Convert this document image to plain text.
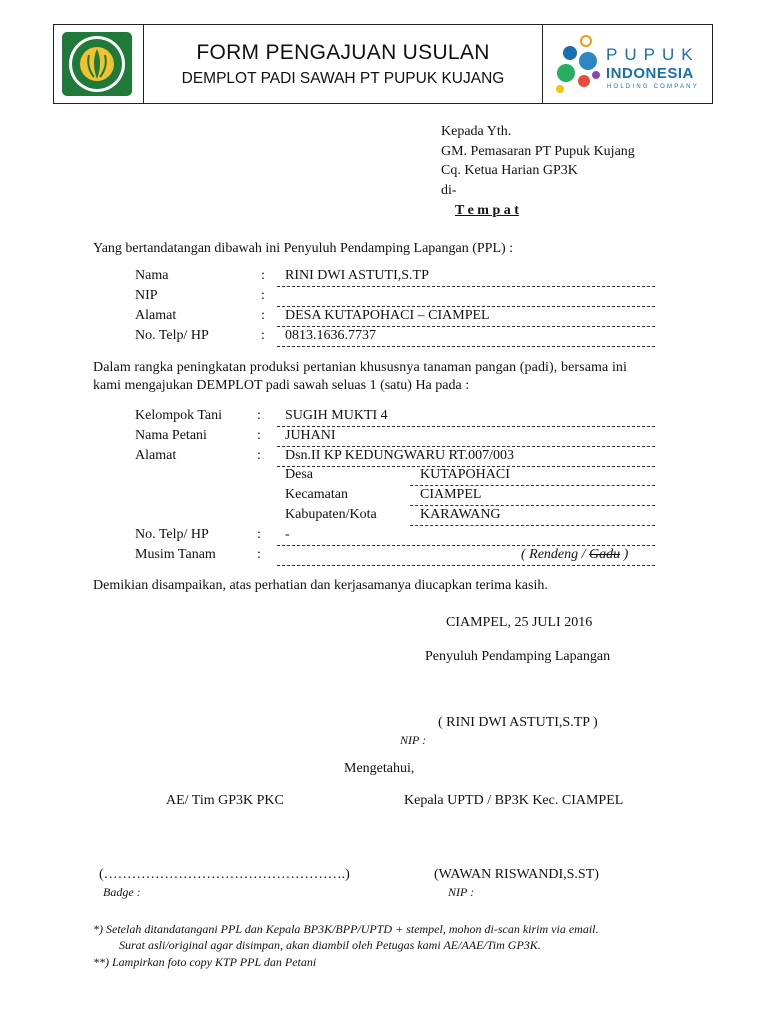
FORM PENGAJUAN USULAN
DEMPLOT PADI SAWAH PT PUPUK KUJANG
PUPUK
INDONESIA
HOLDING COMPANY
Kepada Yth.
GM. Pemasaran PT Pupuk Kujang
Cq. Ketua Harian GP3K
di-
T e m p a t
Yang bertandatangan dibawah ini Penyuluh Pendamping Lapangan (PPL) :
Nama	: RINI DWI ASTUTI,S.TP
NIP	:
Alamat	: DESA KUTAPOHACI – CIAMPEL
No. Telp/ HP	: 0813.1636.7737
Dalam rangka peningkatan produksi pertanian khususnya tanaman pangan (padi), bersama ini
kami mengajukan DEMPLOT padi sawah seluas 1 (satu) Ha pada :
Kelompok Tani : SUGIH MUKTI 4
Nama Petani	: JUHANI
Alamat	: Dsn.II KP KEDUNGWARU RT.007/003
Desa	KUTAPOHACI
Kecamatan	CIAMPEL
Kabupaten/Kota	KARAWANG
No. Telp/ HP	: -
Musim Tanam	:	( Rendeng / Gadu )
Demikian disampaikan, atas perhatian dan kerjasamanya diucapkan terima kasih.
CIAMPEL, 25 JULI 2016
Penyuluh Pendamping Lapangan
( RINI DWI ASTUTI,S.TP )
NIP :
Mengetahui,
AE/ Tim GP3K PKC	Kepala UPTD / BP3K Kec. CIAMPEL
(…………………………………………….)
Badge :
(WAWAN RISWANDI,S.ST)
NIP :
*) Setelah ditandatangani PPL dan Kepala BP3K/BPP/UPTD + stempel, mohon di-scan kirim via email.
Surat asli/original agar disimpan, akan diambil oleh Petugas kami AE/AAE/Tim GP3K.
**) Lampirkan foto copy KTP PPL dan Petani
